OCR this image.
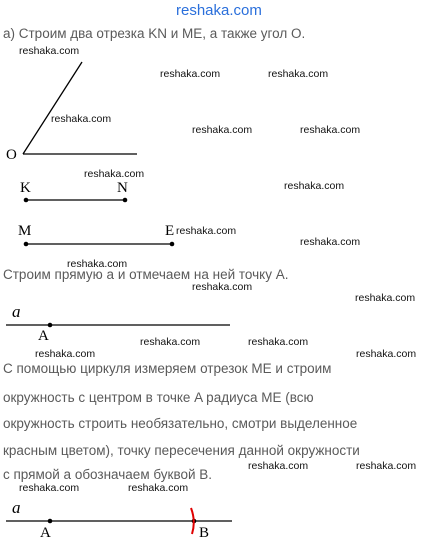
reshaka.com
а) Строим два отрезка KN и ME, а также угол O.
O
K	N
M	E
Строим прямую a и отмечаем на ней точку A.
a
A
С помощью циркуля измеряем отрезок ME и строим
окружность с центром в точке A радиуса ME (всю
окружность строить необязательно, смотри выделенное
красным цветом), точку пересечения данной окружности
с прямой a обозначаем буквой B.
a
A	B
reshaka.com
reshaka.com	reshaka.com
reshaka.com
reshaka.com	reshaka.com
reshaka.com
reshaka.com
reshaka.com
reshaka.com
reshaka.com
reshaka.com
reshaka.com
reshaka.com	reshaka.com
reshaka.com	reshaka.com
reshaka.com	reshaka.com
reshaka.com	reshaka.com
